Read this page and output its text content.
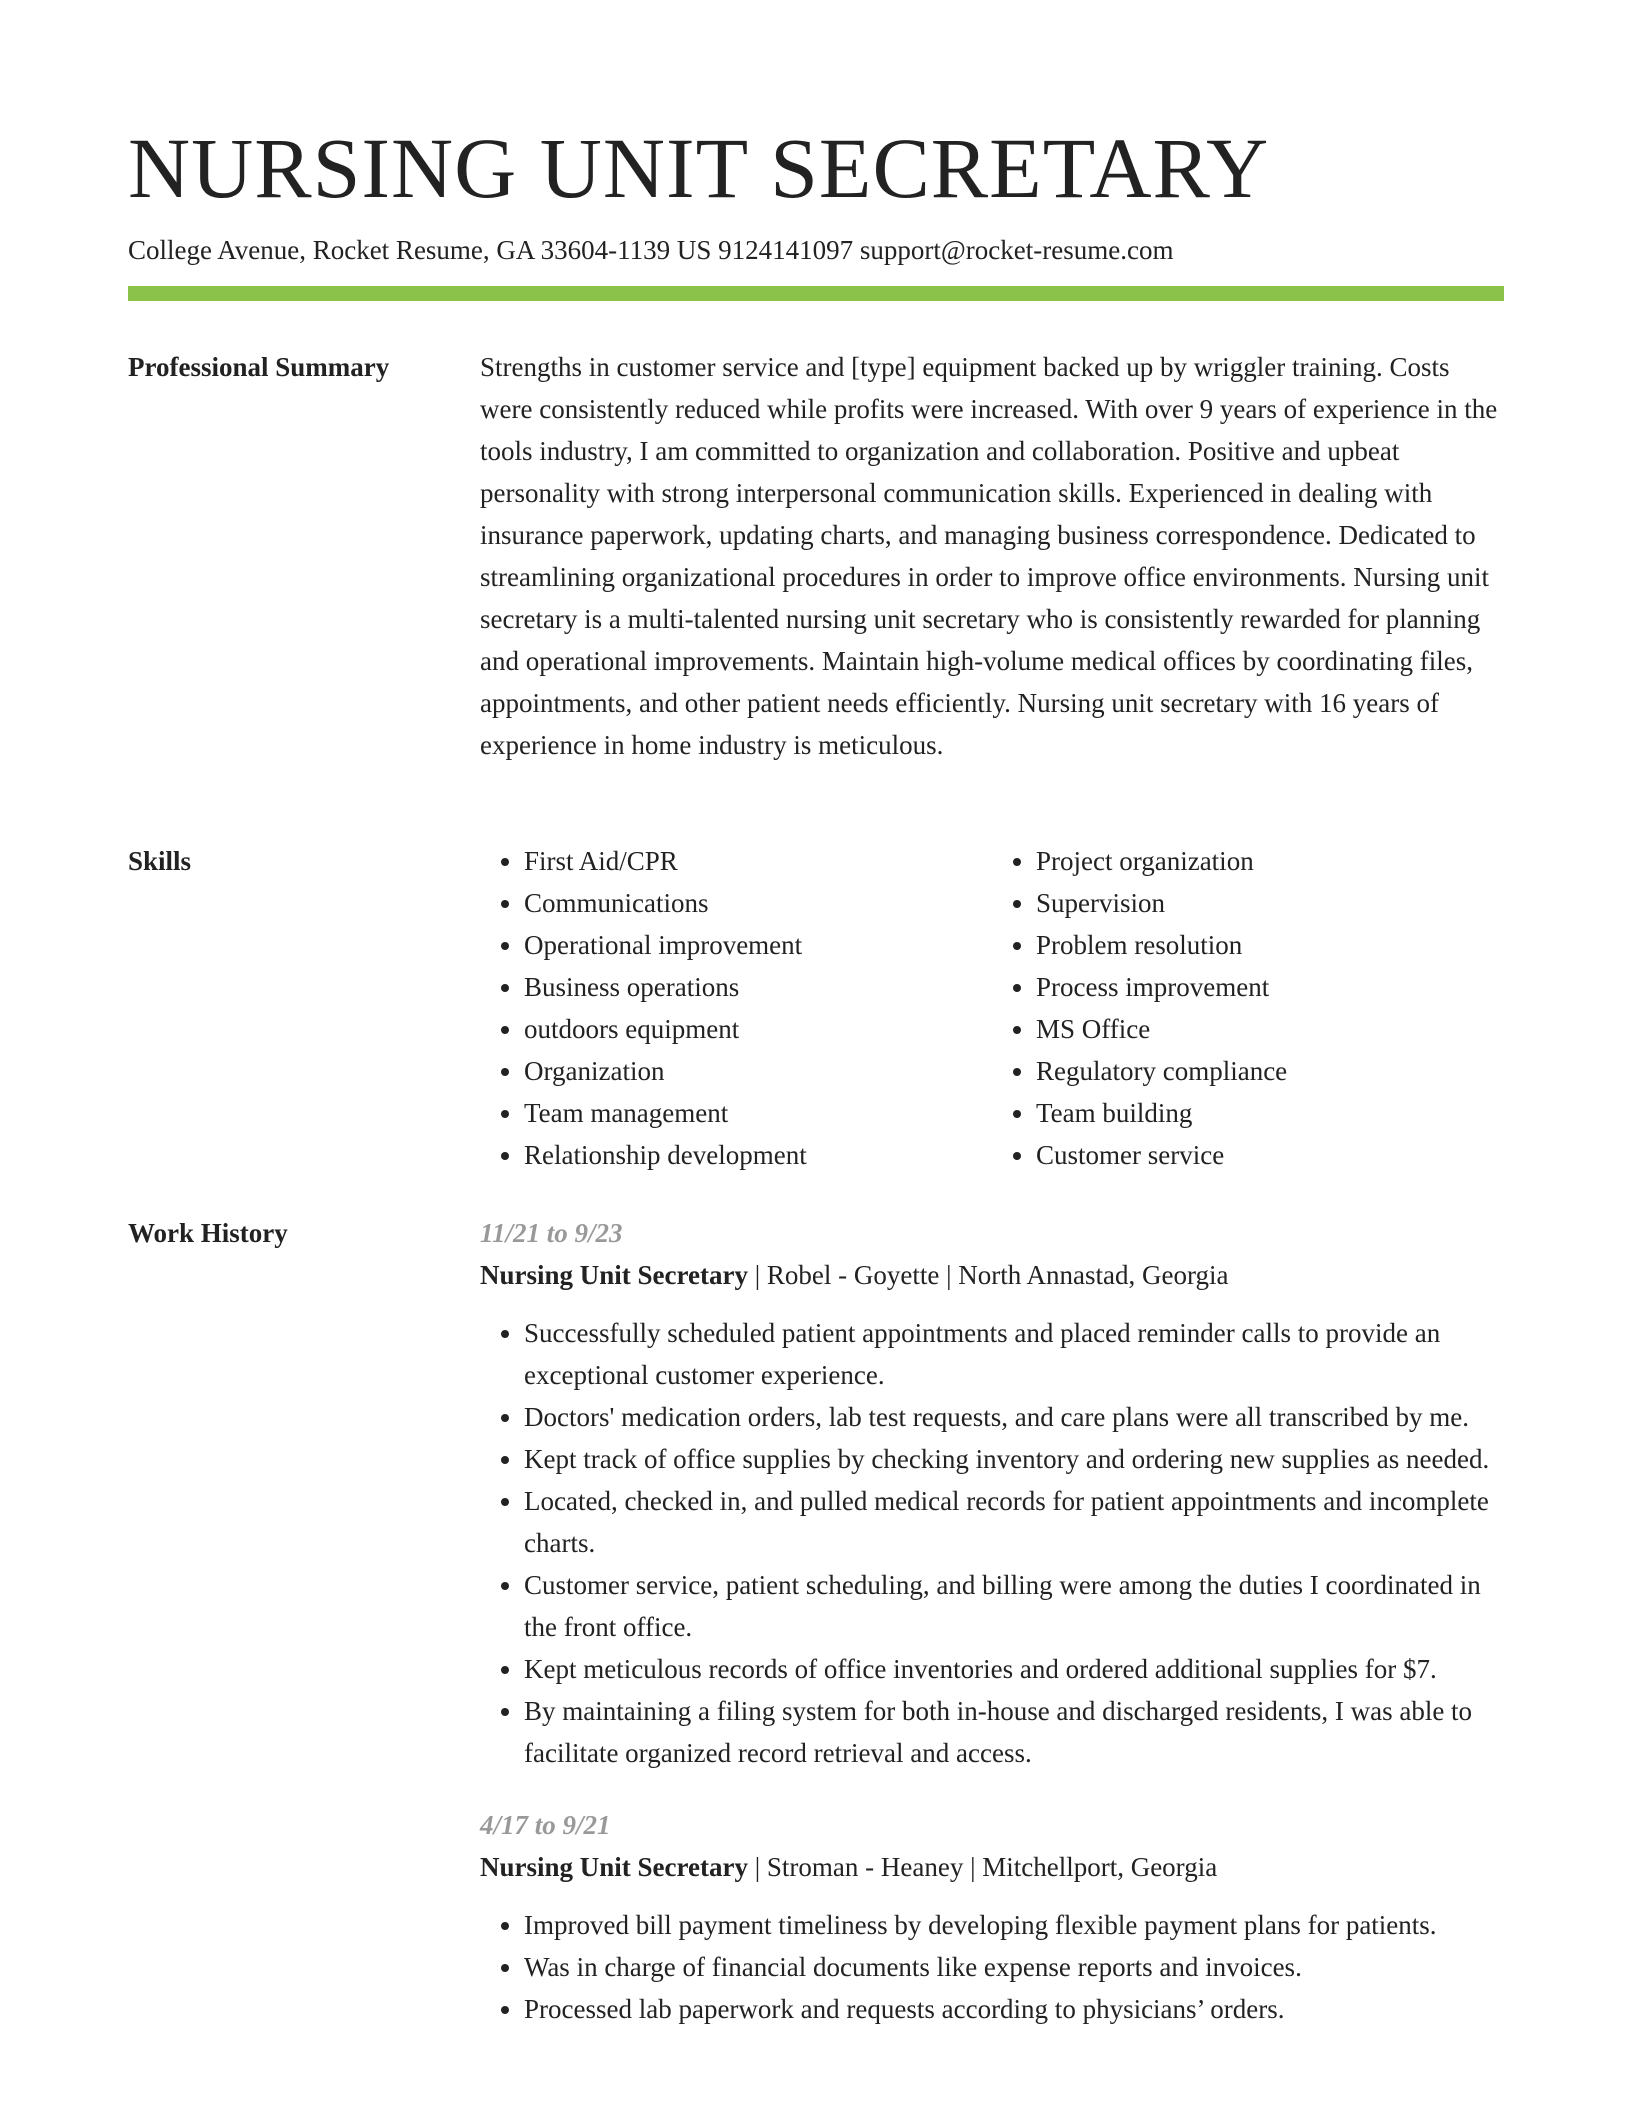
NURSING UNIT SECRETARY
College Avenue, Rocket Resume, GA 33604-1139 US 9124141097 support@rocket-resume.com
Professional Summary	Strengths in customer service and [type] equipment backed up by wriggler training. Costs were consistently reduced while profits were increased. With over 9 years of experience in the tools industry, I am committed to organization and collaboration. Positive and upbeat personality with strong interpersonal communication skills. Experienced in dealing with insurance paperwork, updating charts, and managing business correspondence. Dedicated to streamlining organizational procedures in order to improve office environments. Nursing unit secretary is a multi-talented nursing unit secretary who is consistently rewarded for planning and operational improvements. Maintain high-volume medical offices by coordinating files, appointments, and other patient needs efficiently. Nursing unit secretary with 16 years of experience in home industry is meticulous.

Skills
•	First Aid/CPR
• Communications
• Operational improvement
• Business operations
• outdoors equipment
• Organization
• Team management
• Relationship development
• Project organization
• Supervision
• Problem resolution
• Process improvement
• MS Office
• Regulatory compliance
• Team building
• Customer service
Work History	11/21 to 9/23
Nursing Unit Secretary | Robel - Goyette | North Annastad, Georgia
• Successfully scheduled patient appointments and placed reminder calls to provide an exceptional customer experience.
• Doctors' medication orders, lab test requests, and care plans were all transcribed by me.
• Kept track of office supplies by checking inventory and ordering new supplies as needed.
• Located, checked in, and pulled medical records for patient appointments and incomplete charts.
• Customer service, patient scheduling, and billing were among the duties I coordinated in the front office.
• Kept meticulous records of office inventories and ordered additional supplies for $7.
• By maintaining a filing system for both in-house and discharged residents, I was able to facilitate organized record retrieval and access.
4/17 to 9/21
Nursing Unit Secretary | Stroman - Heaney | Mitchellport, Georgia
• Improved bill payment timeliness by developing flexible payment plans for patients.
• Was in charge of financial documents like expense reports and invoices.
• Processed lab paperwork and requests according to physicians’ orders.
